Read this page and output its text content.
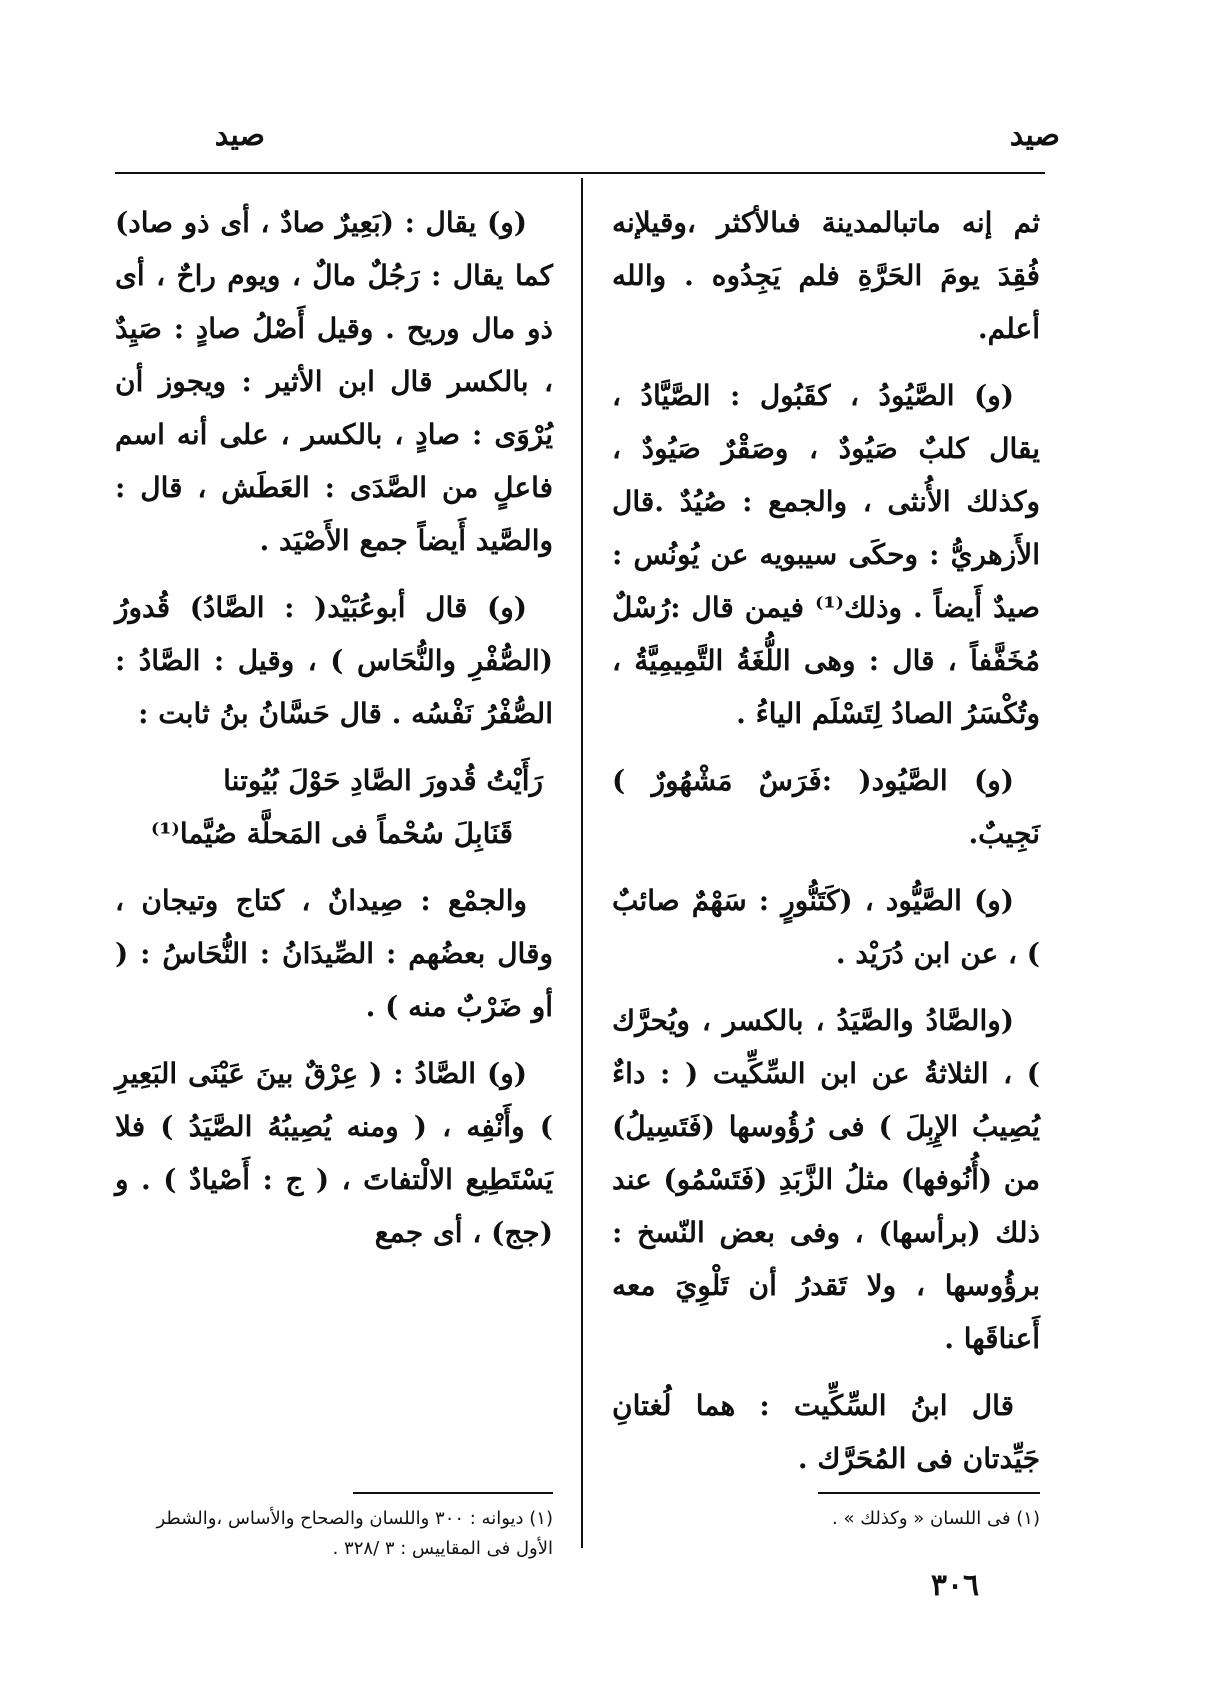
صيد
صيد

ثم إنه ماتبالمدينة فىالأكثر ،وقيلإنه فُقِدَ يومَ الحَرَّةِ فلم يَجِدُوه . والله أعلم.

(و) الصَّيُودُ ، كقَبُول : الصَّيَّادُ ، يقال كلبٌ صَيُودٌ ، وصَقْرٌ صَيُودٌ ، وكذلك الأُنثى ، والجمع : صُيُدٌ .قال الأَزهريُّ : وحكَى سيبويه عن يُونُس : صيدٌ أَيضاً . وذلك⁽¹⁾ فيمن قال :رُسْلٌ مُخَفَّفاً ، قال : وهى اللُّغَةُ التَّمِيمِيَّةُ ، وتُكْسَرُ الصادُ لِتَسْلَم الياءُ .

(و) الصَّيُود( :فَرَسٌ مَشْهُورٌ ) نَجِيبٌ.

(و) الصَّيُّود ، (كَتَنُّورٍ : سَهْمٌ صائبٌ ) ، عن ابن دُرَيْد .

(والصَّادُ والصَّيَدُ ، بالكسر ، ويُحرَّك ) ، الثلاثةُ عن ابن السِّكِّيت ( : داءٌ يُصِيبُ الإِبِلَ ) فى رُؤُوسها (فَتَسِيلُ) من (أُنُوفها) مثلُ الزَّبَدِ (فَتَسْمُو) عند ذلك (برأسها) ، وفى بعض النّسخ : برؤُوسها ، ولا تَقدرُ أن تَلْوِيَ معه أَعناقَها .

قال ابنُ السِّكِّيت : هما لُغتانِ جَيِّدتان فى المُحَرَّك .

(و) يقال : (بَعِيرٌ صادٌ ، أى ذو صاد) كما يقال : رَجُلٌ مالٌ ، ويوم راحٌ ، أى ذو مال وريح . وقيل أَصْلُ صادٍ : صَيِدٌ ، بالكسر قال ابن الأثير : ويجوز أن يُرْوَى : صادٍ ، بالكسر ، على أنه اسم فاعلٍ من الصَّدَى : العَطَش ، قال : والصَّيد أَيضاً جمع الأَصْيَد .

(و) قال أبوعُبَيْد( : الصَّادُ) قُدورُ (الصُّفْرِ والنُّحَاس ) ، وقيل : الصَّادُ : الصُّفْرُ نَفْسُه . قال حَسَّانُ بنُ ثابت :

رَأَيْتُ قُدورَ الصَّادِ حَوْلَ بُيُوتنا
قَنَابِلَ سُحْماً فى المَحلَّة صُيَّما⁽¹⁾

والجمْع : صِيدانٌ ، كتاج وتيجان ، وقال بعضُهم : الصِّيدَانُ : النُّحَاسُ : ( أو ضَرْبٌ منه ) .

(و) الصَّادُ : ( عِرْقٌ بينَ عَيْنَى البَعِيرِ ) وأَنْفِه ، ( ومنه يُصِيبُهُ الصَّيَدُ ) فلا يَسْتَطِيع الالْتفاتَ ، ( ج : أَصْيادٌ ) . و (جج) ، أى جمع

(١) فى اللسان « وكذلك » .
(١) ديوانه : ٣٠٠ واللسان والصحاح والأساس ،والشطر الأول فى المقاييس : ٣ /٣٢٨ .
٣٠٦
